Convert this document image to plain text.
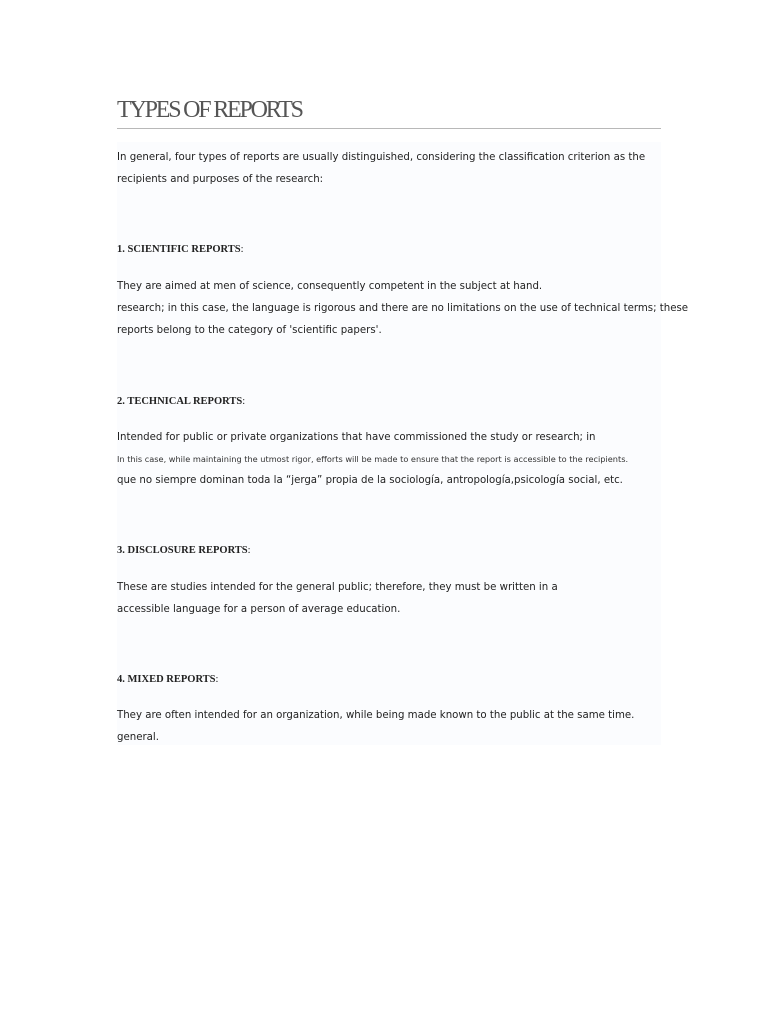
TYPES OF REPORTS
In general, four types of reports are usually distinguished, considering the classification criterion as the
recipients and purposes of the research:
1. SCIENTIFIC REPORTS:
They are aimed at men of science, consequently competent in the subject at hand.
research; in this case, the language is rigorous and there are no limitations on the use of technical terms; these
reports belong to the category of 'scientific papers'.
2. TECHNICAL REPORTS:
Intended for public or private organizations that have commissioned the study or research; in
In this case, while maintaining the utmost rigor, efforts will be made to ensure that the report is accessible to the recipients.
que no siempre dominan toda la “jerga” propia de la sociología, antropología,psicología social, etc.
3. DISCLOSURE REPORTS:
These are studies intended for the general public; therefore, they must be written in a
accessible language for a person of average education.
4. MIXED REPORTS:
They are often intended for an organization, while being made known to the public at the same time.
general.
